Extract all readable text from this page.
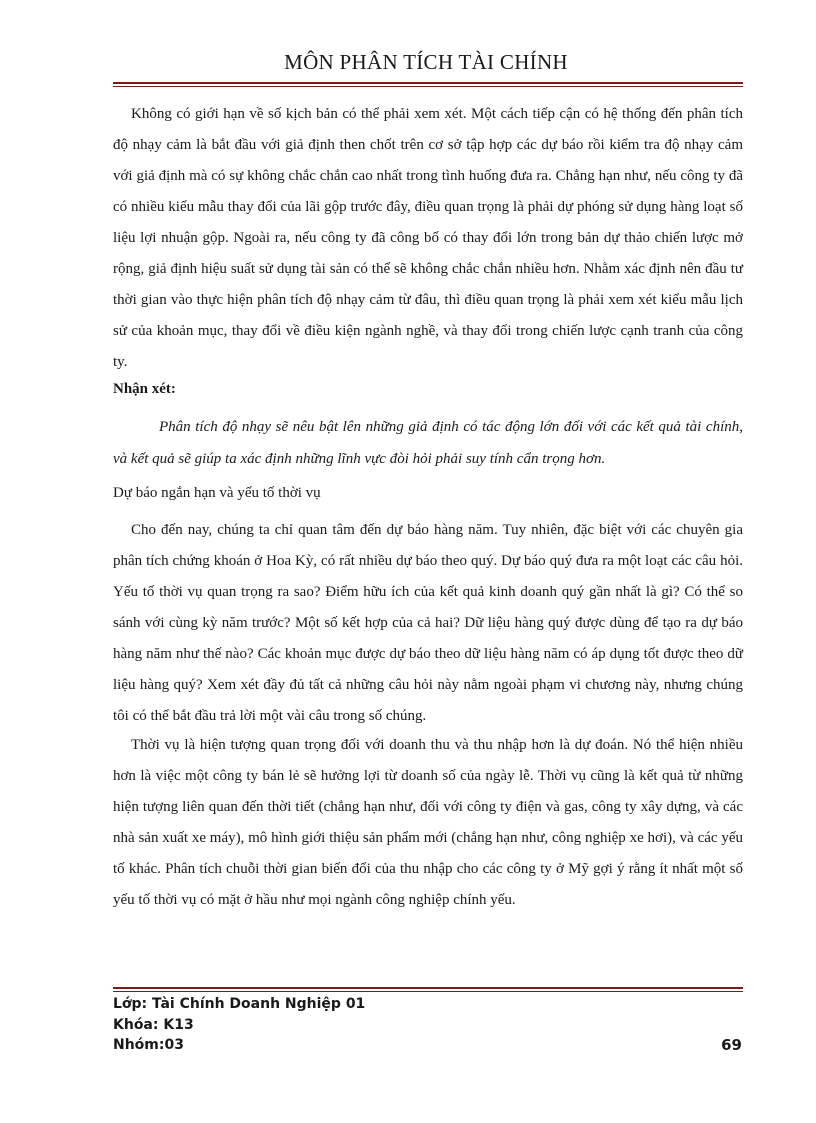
MÔN PHÂN TÍCH TÀI CHÍNH

Không có giới hạn về số kịch bản có thể phải xem xét. Một cách tiếp cận có hệ thống đến phân tích độ nhạy cảm là bắt đầu với giả định then chốt trên cơ sở tập hợp các dự báo rồi kiểm tra độ nhạy cảm với giả định mà có sự không chắc chắn cao nhất trong tình huống đưa ra. Chẳng hạn như, nếu công ty đã có nhiều kiểu mẫu thay đổi của lãi gộp trước đây, điều quan trọng là phải dự phóng sử dụng hàng loạt số liệu lợi nhuận gộp. Ngoài ra, nếu công ty đã công bố có thay đổi lớn trong bản dự thảo chiến lược mở rộng, giả định hiệu suất sử dụng tài sản có thể sẽ không chắc chắn nhiều hơn. Nhằm xác định nên đầu tư thời gian vào thực hiện phân tích độ nhạy cảm từ đâu, thì điều quan trọng là phải xem xét kiểu mẫu lịch sử của khoản mục, thay đổi về điều kiện ngành nghề, và thay đổi trong chiến lược cạnh tranh của công ty.

Nhận xét:

Phân tích độ nhạy sẽ nêu bật lên những giả định có tác động lớn đối với các kết quả tài chính, và kết quả sẽ giúp ta xác định những lĩnh vực đòi hỏi phải suy tính cẩn trọng hơn.

Dự báo ngắn hạn và yếu tố thời vụ

Cho đến nay, chúng ta chỉ quan tâm đến dự báo hàng năm. Tuy nhiên, đặc biệt với các chuyên gia phân tích chứng khoán ở Hoa Kỳ, có rất nhiều dự báo theo quý. Dự báo quý đưa ra một loạt các câu hỏi. Yếu tố thời vụ quan trọng ra sao? Điểm hữu ích của kết quả kinh doanh quý gần nhất là gì? Có thể so sánh với cùng kỳ năm trước? Một số kết hợp của cả hai? Dữ liệu hàng quý được dùng để tạo ra dự báo hàng năm như thế nào? Các khoản mục được dự báo theo dữ liệu hàng năm có áp dụng tốt được theo dữ liệu hàng quý? Xem xét đầy đủ tất cả những câu hỏi này nằm ngoài phạm vi chương này, nhưng chúng tôi có thể bắt đầu trả lời một vài câu trong số chúng.

Thời vụ là hiện tượng quan trọng đối với doanh thu và thu nhập hơn là dự đoán. Nó thể hiện nhiều hơn là việc một công ty bán lẻ sẽ hưởng lợi từ doanh số của ngày lễ. Thời vụ cũng là kết quả từ những hiện tượng liên quan đến thời tiết (chẳng hạn như, đối với công ty điện và gas, công ty xây dựng, và các nhà sản xuất xe máy), mô hình giới thiệu sản phẩm mới (chẳng hạn như, công nghiệp xe hơi), và các yếu tố khác. Phân tích chuỗi thời gian biến đổi của thu nhập cho các công ty ở Mỹ gợi ý rằng ít nhất một số yếu tố thời vụ có mặt ở hầu như mọi ngành công nghiệp chính yếu.

Lớp: Tài Chính Doanh Nghiệp 01
Khóa: K13
Nhóm:03	69
